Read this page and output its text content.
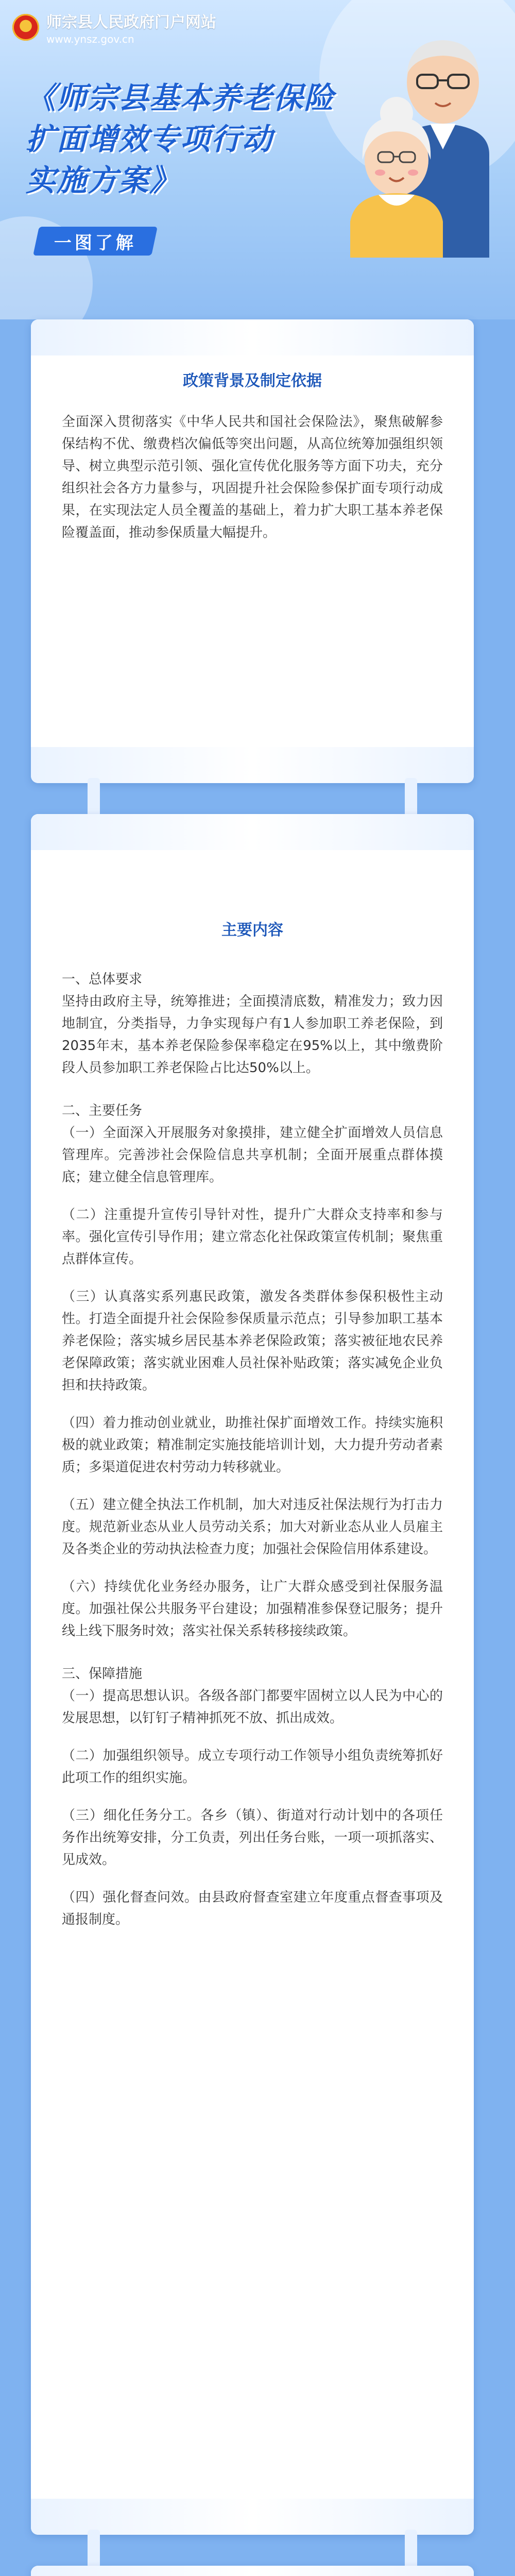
师宗县人民政府门户网站
www.ynsz.gov.cn
《师宗县基本养老保险
扩面增效专项行动
实施方案》
一图了解
政策背景及制定依据

全面深入贯彻落实《中华人民共和国社会保险法》，聚焦破解参保结构不优、缴费档次偏低等突出问题，从高位统筹加强组织领导、树立典型示范引领、强化宣传优化服务等方面下功夫，充分组织社会各方力量参与，巩固提升社会保险参保扩面专项行动成果，在实现法定人员全覆盖的基础上，着力扩大职工基本养老保险覆盖面，推动参保质量大幅提升。

主要内容

一、总体要求

坚持由政府主导，统筹推进；全面摸清底数，精准发力；致力因地制宜，分类指导，力争实现每户有1人参加职工养老保险，到2035年末，基本养老保险参保率稳定在95%以上，其中缴费阶段人员参加职工养老保险占比达50%以上。

二、主要任务

（一）全面深入开展服务对象摸排，建立健全扩面增效人员信息管理库。完善涉社会保险信息共享机制；全面开展重点群体摸底；建立健全信息管理库。

（二）注重提升宣传引导针对性，提升广大群众支持率和参与率。强化宣传引导作用；建立常态化社保政策宣传机制；聚焦重点群体宣传。

（三）认真落实系列惠民政策，激发各类群体参保积极性主动性。打造全面提升社会保险参保质量示范点；引导参加职工基本养老保险；落实城乡居民基本养老保险政策；落实被征地农民养老保障政策；落实就业困难人员社保补贴政策；落实减免企业负担和扶持政策。

（四）着力推动创业就业，助推社保扩面增效工作。持续实施积极的就业政策；精准制定实施技能培训计划，大力提升劳动者素质；多渠道促进农村劳动力转移就业。

（五）建立健全执法工作机制，加大对违反社保法规行为打击力度。规范新业态从业人员劳动关系；加大对新业态从业人员雇主及各类企业的劳动执法检查力度；加强社会保险信用体系建设。

（六）持续优化业务经办服务，让广大群众感受到社保服务温度。加强社保公共服务平台建设；加强精准参保登记服务；提升线上线下服务时效；落实社保关系转移接续政策。

三、保障措施

（一）提高思想认识。各级各部门都要牢固树立以人民为中心的发展思想，以钉钉子精神抓死不放、抓出成效。

（二）加强组织领导。成立专项行动工作领导小组负责统筹抓好此项工作的组织实施。

（三）细化任务分工。各乡（镇）、街道对行动计划中的各项任务作出统筹安排，分工负责，列出任务台账，一项一项抓落实、见成效。

（四）强化督查问效。由县政府督查室建立年度重点督查事项及通报制度。
